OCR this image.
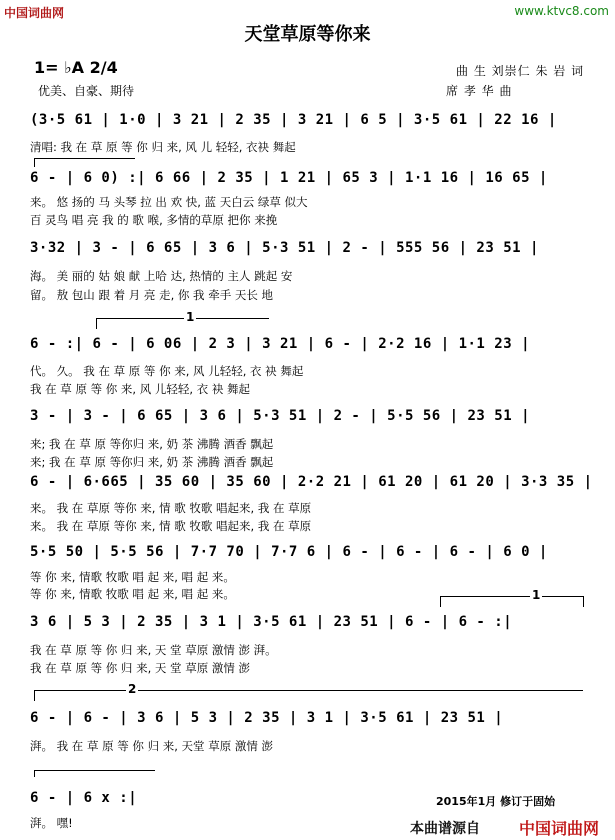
中国词曲网	www.ktvc8.com
天堂草原等你来
1= ♭A 2/4
优美、自豪、期待
曲 生 刘崇仁 朱 岩 词
席 孝 华 曲
(3·5 61 | 1·0 | 3 21 | 2 35 | 3 21 | 6 5 | 3·5 61 | 22 16 |
清唱: 我 在 草 原 等 你 归 来, 风 儿 轻轻, 衣袂 舞起
6 - | 6 0) :| 6 66 | 2 35 | 1 21 | 65 3 | 1·1 16 | 16 65 |
来。 悠 扬的 马 头琴 拉 出 欢 快, 蓝 天白云 绿草 似大
百 灵鸟 唱 亮 我 的 歌 喉, 多情的草原 把你 来挽
3·32 | 3 - | 6 65 | 3 6 | 5·3 51 | 2 - | 555 56 | 23 51 |
海。 美 丽的 姑 娘 献 上哈 达, 热情的 主人 跳起 安
留。 敖 包山 跟 着 月 亮 走, 你 我 牵手 天长 地
1
6 - :| 6 - | 6 06 | 2 3 | 3 21 | 6 - | 2·2 16 | 1·1 23 |
代。 久。 我 在 草 原 等 你 来, 风 儿轻轻, 衣 袂 舞起
我 在 草 原 等 你 来, 风 儿轻轻, 衣 袂 舞起
3 - | 3 - | 6 65 | 3 6 | 5·3 51 | 2 - | 5·5 56 | 23 51 |
来; 我 在 草 原 等你归 来, 奶 茶 沸腾 酒香 飘起
来; 我 在 草 原 等你归 来, 奶 茶 沸腾 酒香 飘起
6 - | 6·665 | 35 60 | 35 60 | 2·2 21 | 61 20 | 61 20 | 3·3 35 |
来。 我 在 草原 等你 来, 情 歌 牧歌 唱起来, 我 在 草原
来。 我 在 草原 等你 来, 情 歌 牧歌 唱起来, 我 在 草原
5·5 50 | 5·5 56 | 7·7 70 | 7·7 6 | 6 - | 6 - | 6 - | 6 0 |
等 你 来, 情歌 牧歌 唱 起 来, 唱 起 来。
等 你 来, 情歌 牧歌 唱 起 来, 唱 起 来。	1
3 6 | 5 3 | 2 35 | 3 1 | 3·5 61 | 23 51 | 6 - | 6 - :|
我 在 草 原 等 你 归 来, 天 堂 草原 激情 澎 湃。
我 在 草 原 等 你 归 来, 天 堂 草原 激情 澎
2
6 - | 6 - | 3 6 | 5 3 | 2 35 | 3 1 | 3·5 61 | 23 51 |
湃。 我 在 草 原 等 你 归 来, 天堂 草原 激情 澎
6 - | 6 x :|
湃。 嘿!
2015年1月 修订于固始
本曲谱源自 中国词曲网
